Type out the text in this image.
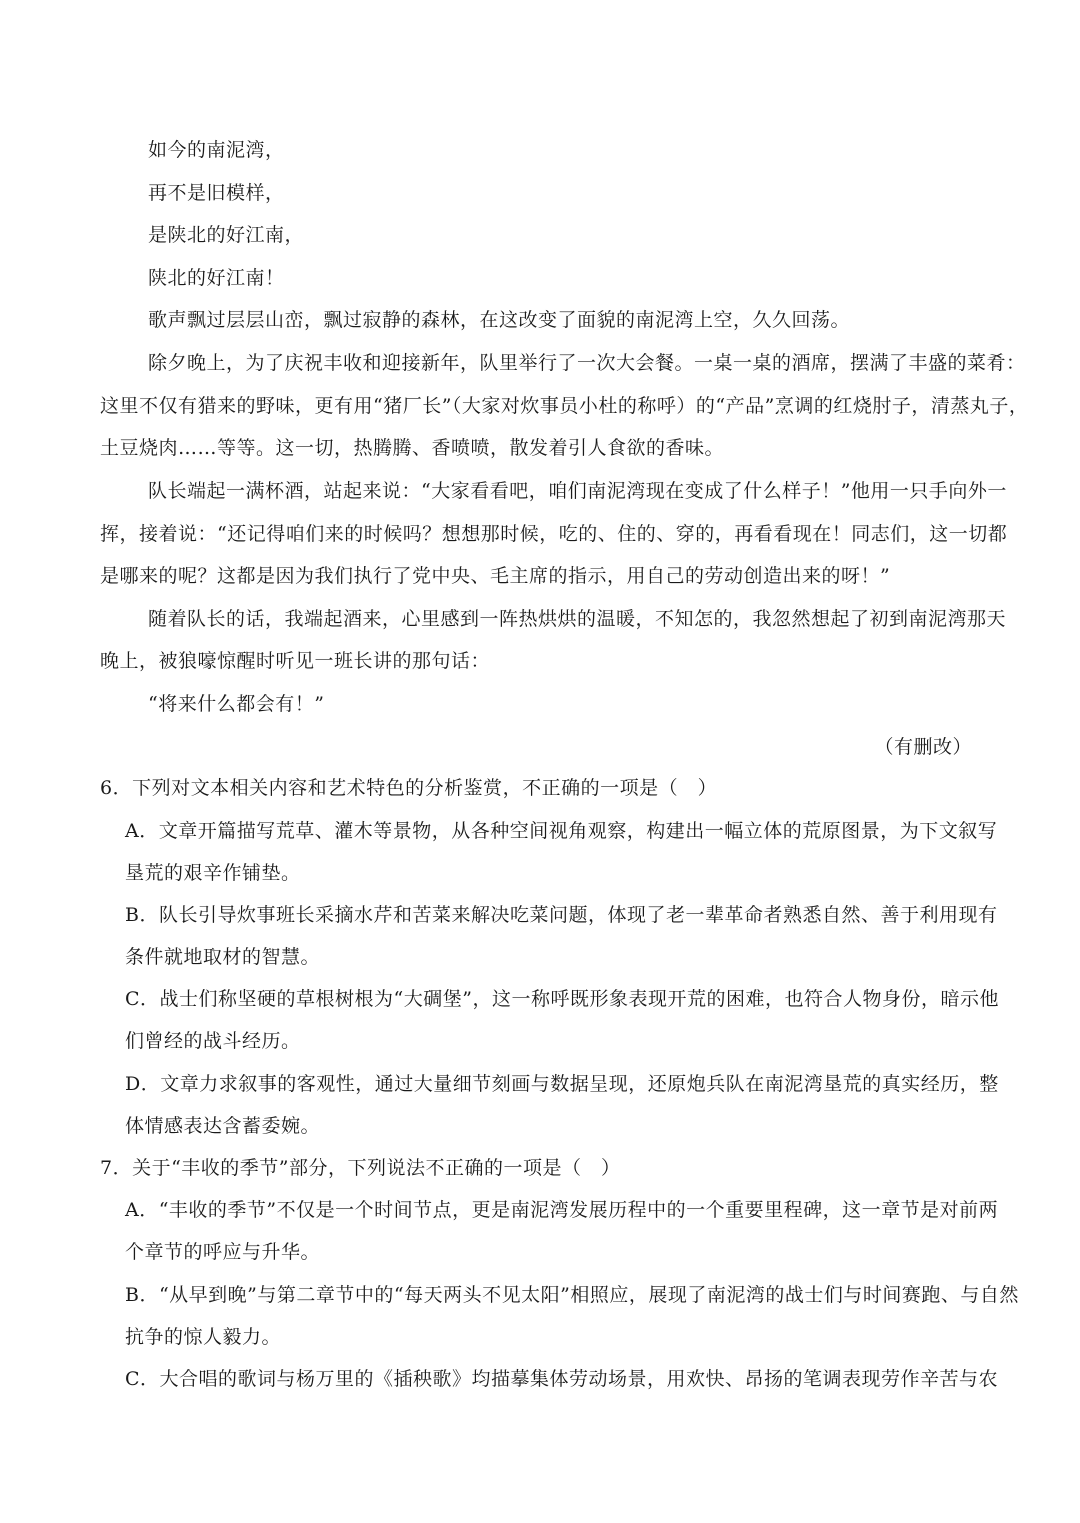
如今的南泥湾，
再不是旧模样，
是陕北的好江南，
陕北的好江南！
歌声飘过层层山峦，飘过寂静的森林，在这改变了面貌的南泥湾上空，久久回荡。
除夕晚上，为了庆祝丰收和迎接新年，队里举行了一次大会餐。一桌一桌的酒席，摆满了丰盛的菜肴：
这里不仅有猎来的野味，更有用“猪厂长”（大家对炊事员小杜的称呼）的“产品”烹调的红烧肘子，清蒸丸子，
土豆烧肉……等等。这一切，热腾腾、香喷喷，散发着引人食欲的香味。
队长端起一满杯酒，站起来说：“大家看看吧，咱们南泥湾现在变成了什么样子！”他用一只手向外一
挥，接着说：“还记得咱们来的时候吗？想想那时候，吃的、住的、穿的，再看看现在！同志们，这一切都
是哪来的呢？这都是因为我们执行了党中央、毛主席的指示，用自己的劳动创造出来的呀！”
随着队长的话，我端起酒来，心里感到一阵热烘烘的温暖，不知怎的，我忽然想起了初到南泥湾那天
晚上，被狼嚎惊醒时听见一班长讲的那句话：
“将来什么都会有！”
（有删改）
6．下列对文本相关内容和艺术特色的分析鉴赏，不正确的一项是（　）
A．文章开篇描写荒草、灌木等景物，从各种空间视角观察，构建出一幅立体的荒原图景，为下文叙写
垦荒的艰辛作铺垫。
B．队长引导炊事班长采摘水芹和苦菜来解决吃菜问题，体现了老一辈革命者熟悉自然、善于利用现有
条件就地取材的智慧。
C．战士们称坚硬的草根树根为“大碉堡”，这一称呼既形象表现开荒的困难，也符合人物身份，暗示他
们曾经的战斗经历。
D．文章力求叙事的客观性，通过大量细节刻画与数据呈现，还原炮兵队在南泥湾垦荒的真实经历，整
体情感表达含蓄委婉。
7．关于“丰收的季节”部分，下列说法不正确的一项是（　）
A．“丰收的季节”不仅是一个时间节点，更是南泥湾发展历程中的一个重要里程碑，这一章节是对前两
个章节的呼应与升华。
B．“从早到晚”与第二章节中的“每天两头不见太阳”相照应，展现了南泥湾的战士们与时间赛跑、与自然
抗争的惊人毅力。
C．大合唱的歌词与杨万里的《插秧歌》均描摹集体劳动场景，用欢快、昂扬的笔调表现劳作辛苦与农
